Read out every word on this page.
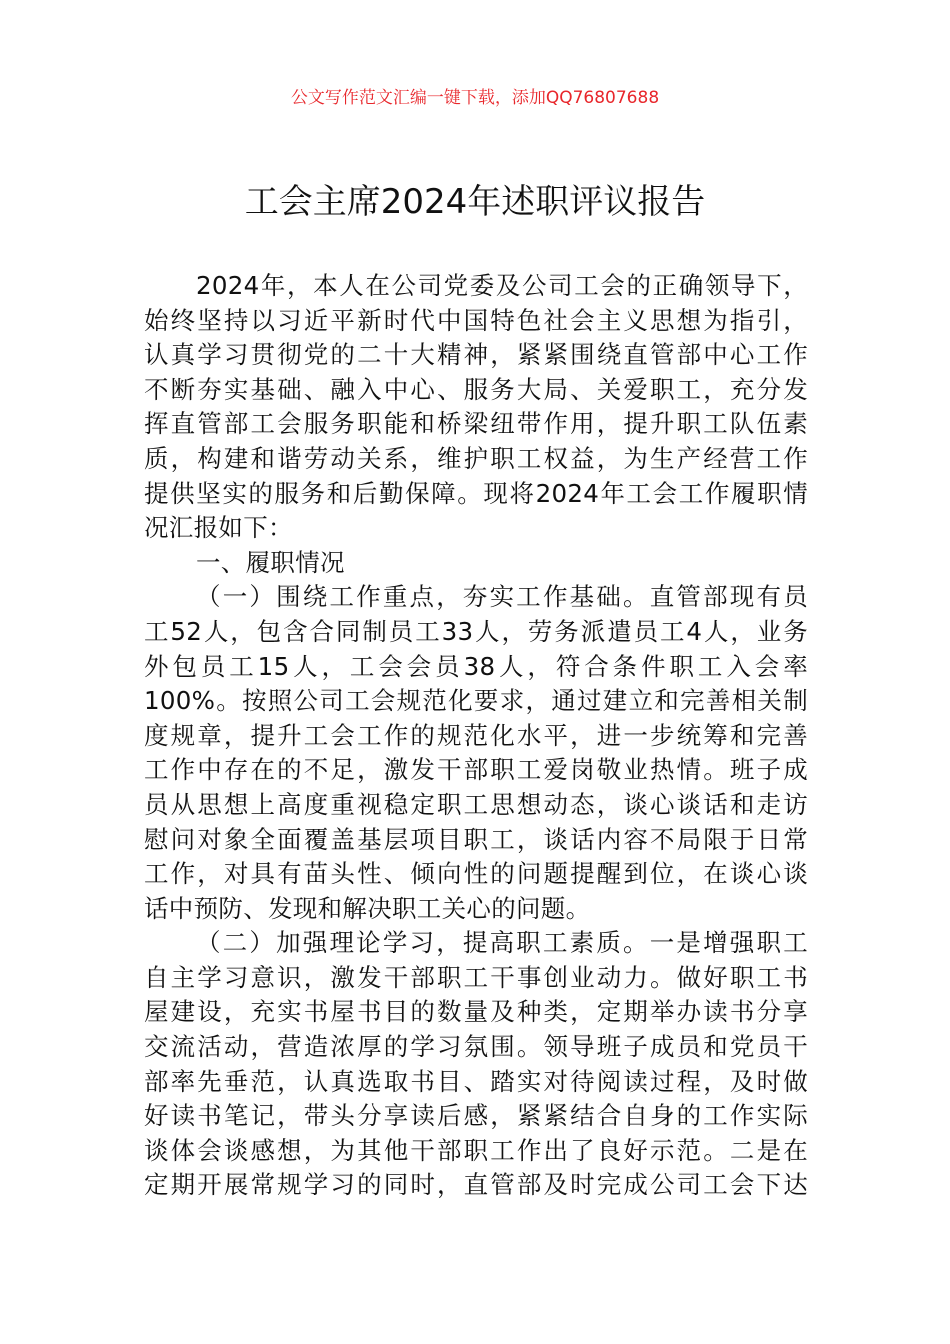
公文写作范文汇编一键下载，添加QQ76807688
工会主席2024年述职评议报告
2024年，本人在公司党委及公司工会的正确领导下，
始终坚持以习近平新时代中国特色社会主义思想为指引，
认真学习贯彻党的二十大精神，紧紧围绕直管部中心工作
不断夯实基础、融入中心、服务大局、关爱职工，充分发
挥直管部工会服务职能和桥梁纽带作用，提升职工队伍素
质，构建和谐劳动关系，维护职工权益，为生产经营工作
提供坚实的服务和后勤保障。现将2024年工会工作履职情
况汇报如下：
一、履职情况
（一）围绕工作重点，夯实工作基础。直管部现有员
工52人，包含合同制员工33人，劳务派遣员工4人，业务
外包员工15人，工会会员38人，符合条件职工入会率
100%。按照公司工会规范化要求，通过建立和完善相关制
度规章，提升工会工作的规范化水平，进一步统筹和完善
工作中存在的不足，激发干部职工爱岗敬业热情。班子成
员从思想上高度重视稳定职工思想动态，谈心谈话和走访
慰问对象全面覆盖基层项目职工，谈话内容不局限于日常
工作，对具有苗头性、倾向性的问题提醒到位，在谈心谈
话中预防、发现和解决职工关心的问题。
（二）加强理论学习，提高职工素质。一是增强职工
自主学习意识，激发干部职工干事创业动力。做好职工书
屋建设，充实书屋书目的数量及种类，定期举办读书分享
交流活动，营造浓厚的学习氛围。领导班子成员和党员干
部率先垂范，认真选取书目、踏实对待阅读过程，及时做
好读书笔记，带头分享读后感，紧紧结合自身的工作实际
谈体会谈感想，为其他干部职工作出了良好示范。二是在
定期开展常规学习的同时，直管部及时完成公司工会下达
